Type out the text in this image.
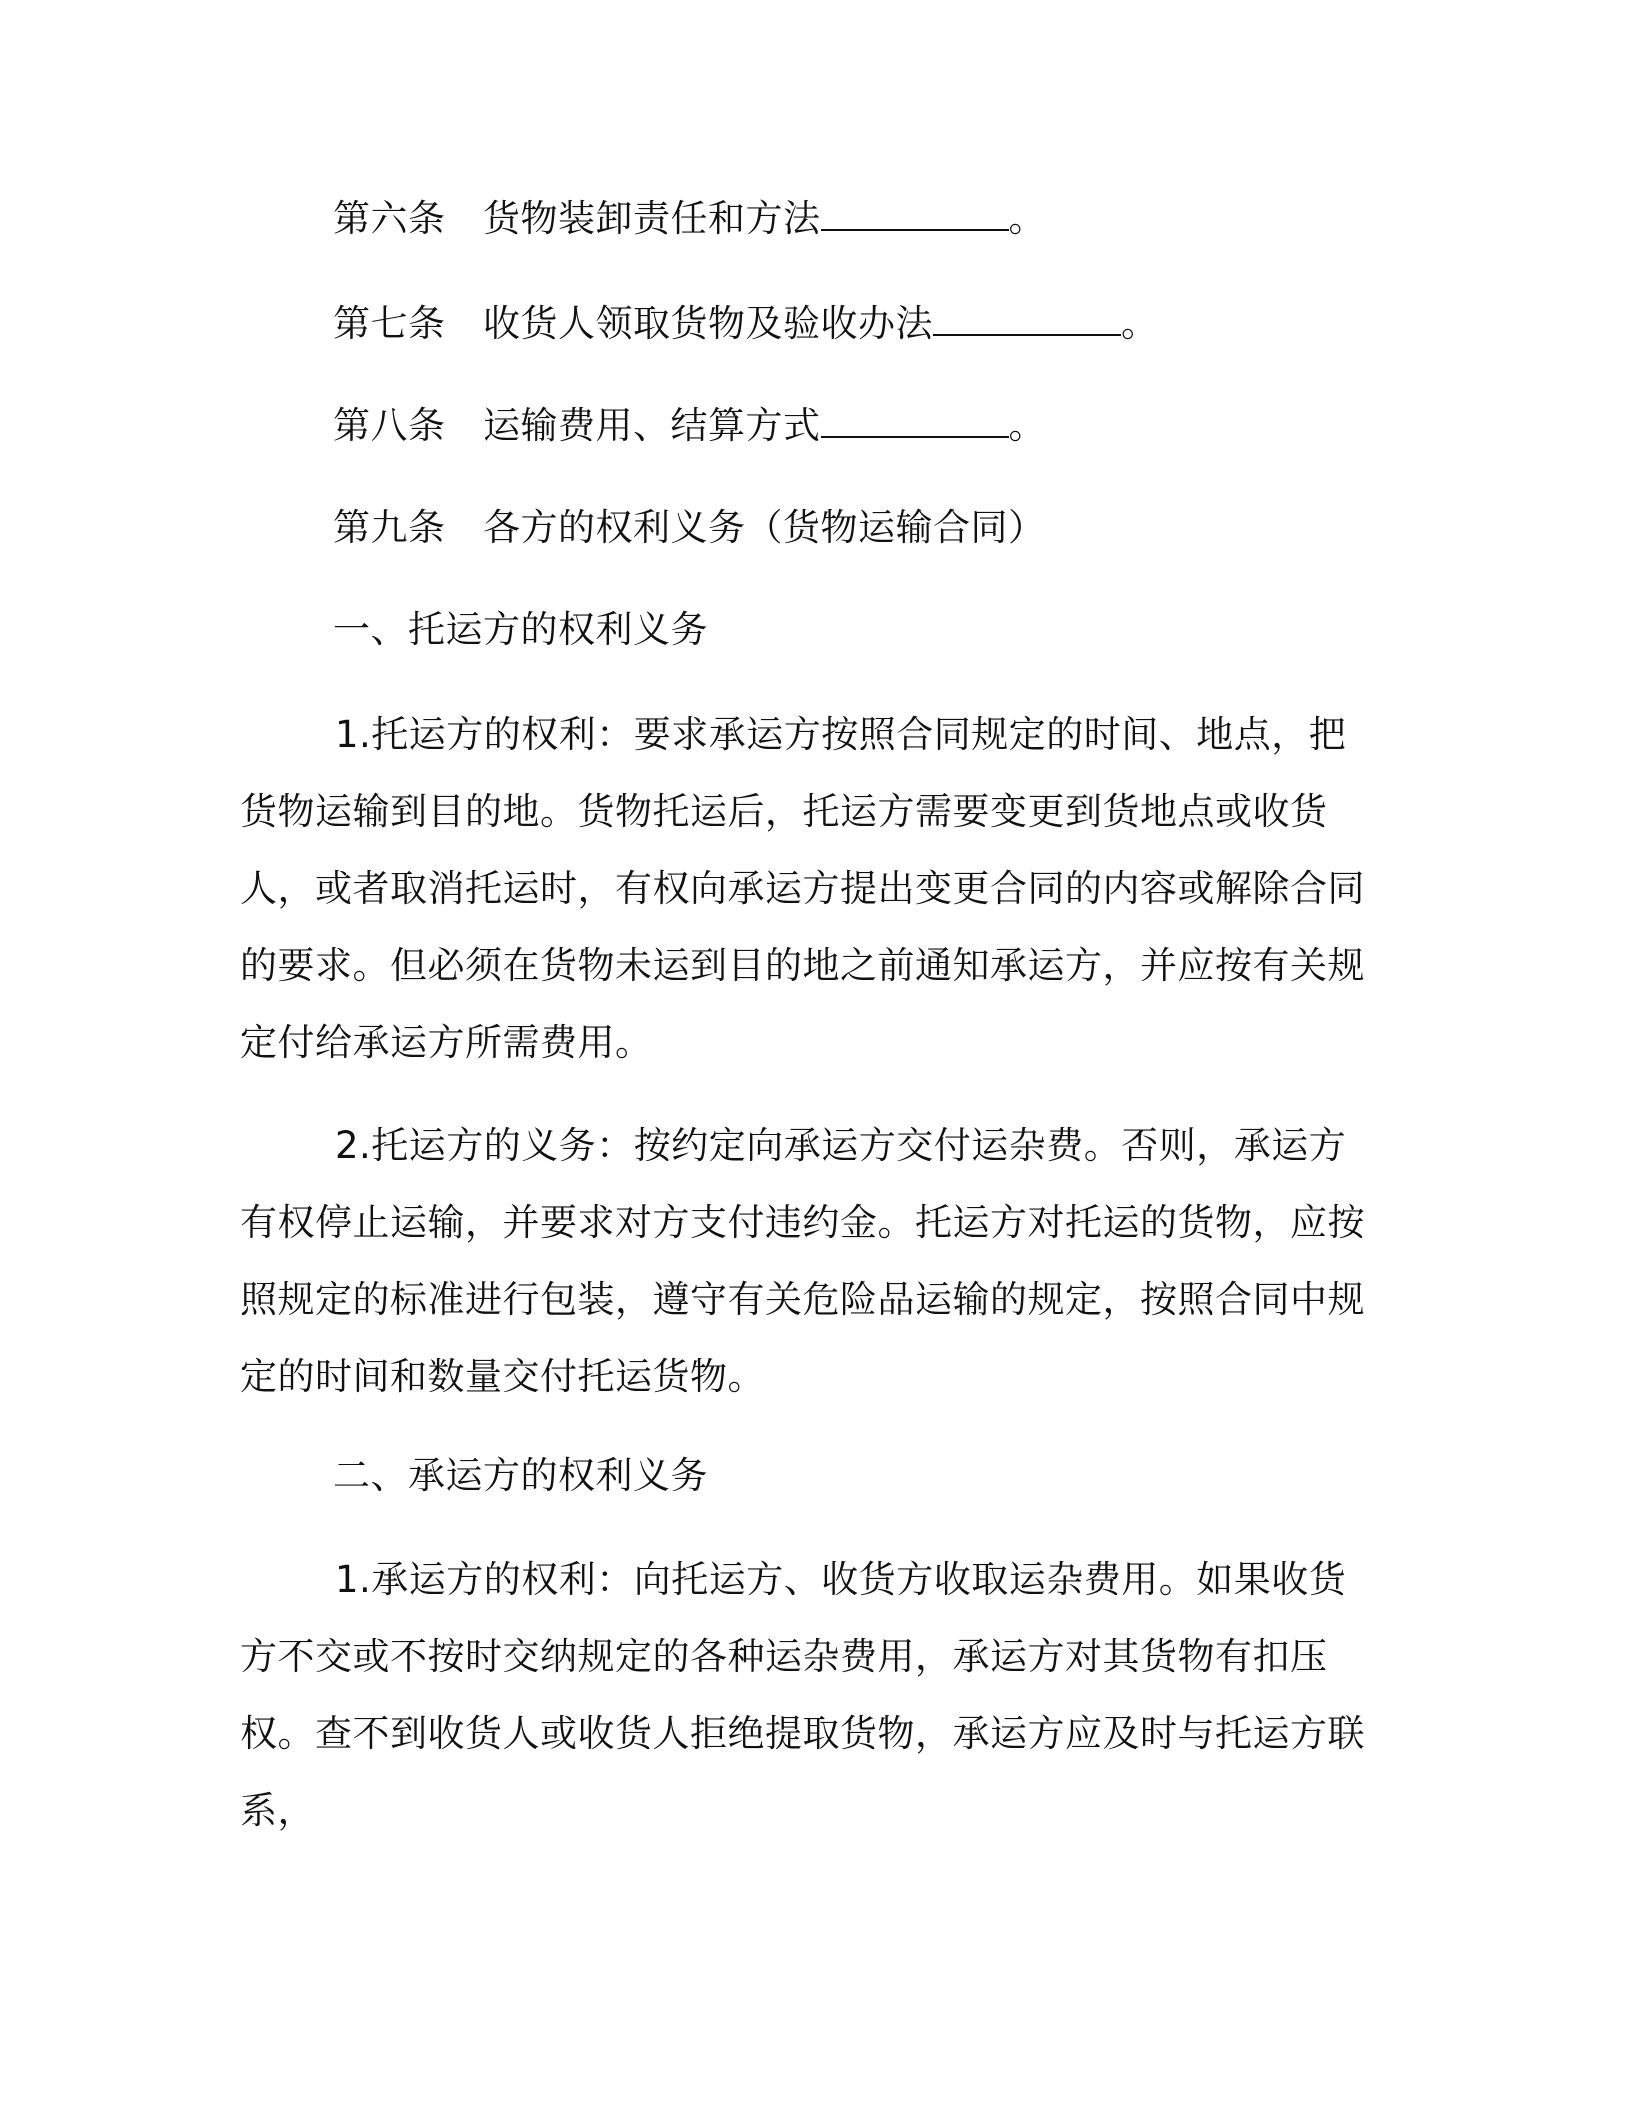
第六条 货物装卸责任和方法	。
第七条 收货人领取货物及验收办法	。
第八条 运输费用、结算方式	。
第九条 各方的权利义务（货物运输合同）
一、托运方的权利义务

1.托运方的权利：要求承运方按照合同规定的时间、地点，把货物运输到目的地。货物托运后，托运方需要变更到货地点或收货人，或者取消托运时，有权向承运方提出变更合同的内容或解除合同的要求。但必须在货物未运到目的地之前通知承运方，并应按有关规定付给承运方所需费用。

2.托运方的义务：按约定向承运方交付运杂费。否则，承运方有权停止运输，并要求对方支付违约金。托运方对托运的货物，应按照规定的标准进行包装，遵守有关危险品运输的规定，按照合同中规定的时间和数量交付托运货物。

二、承运方的权利义务

1.承运方的权利：向托运方、收货方收取运杂费用。如果收货方不交或不按时交纳规定的各种运杂费用，承运方对其货物有扣压权。查不到收货人或收货人拒绝提取货物，承运方应及时与托运方联系，
